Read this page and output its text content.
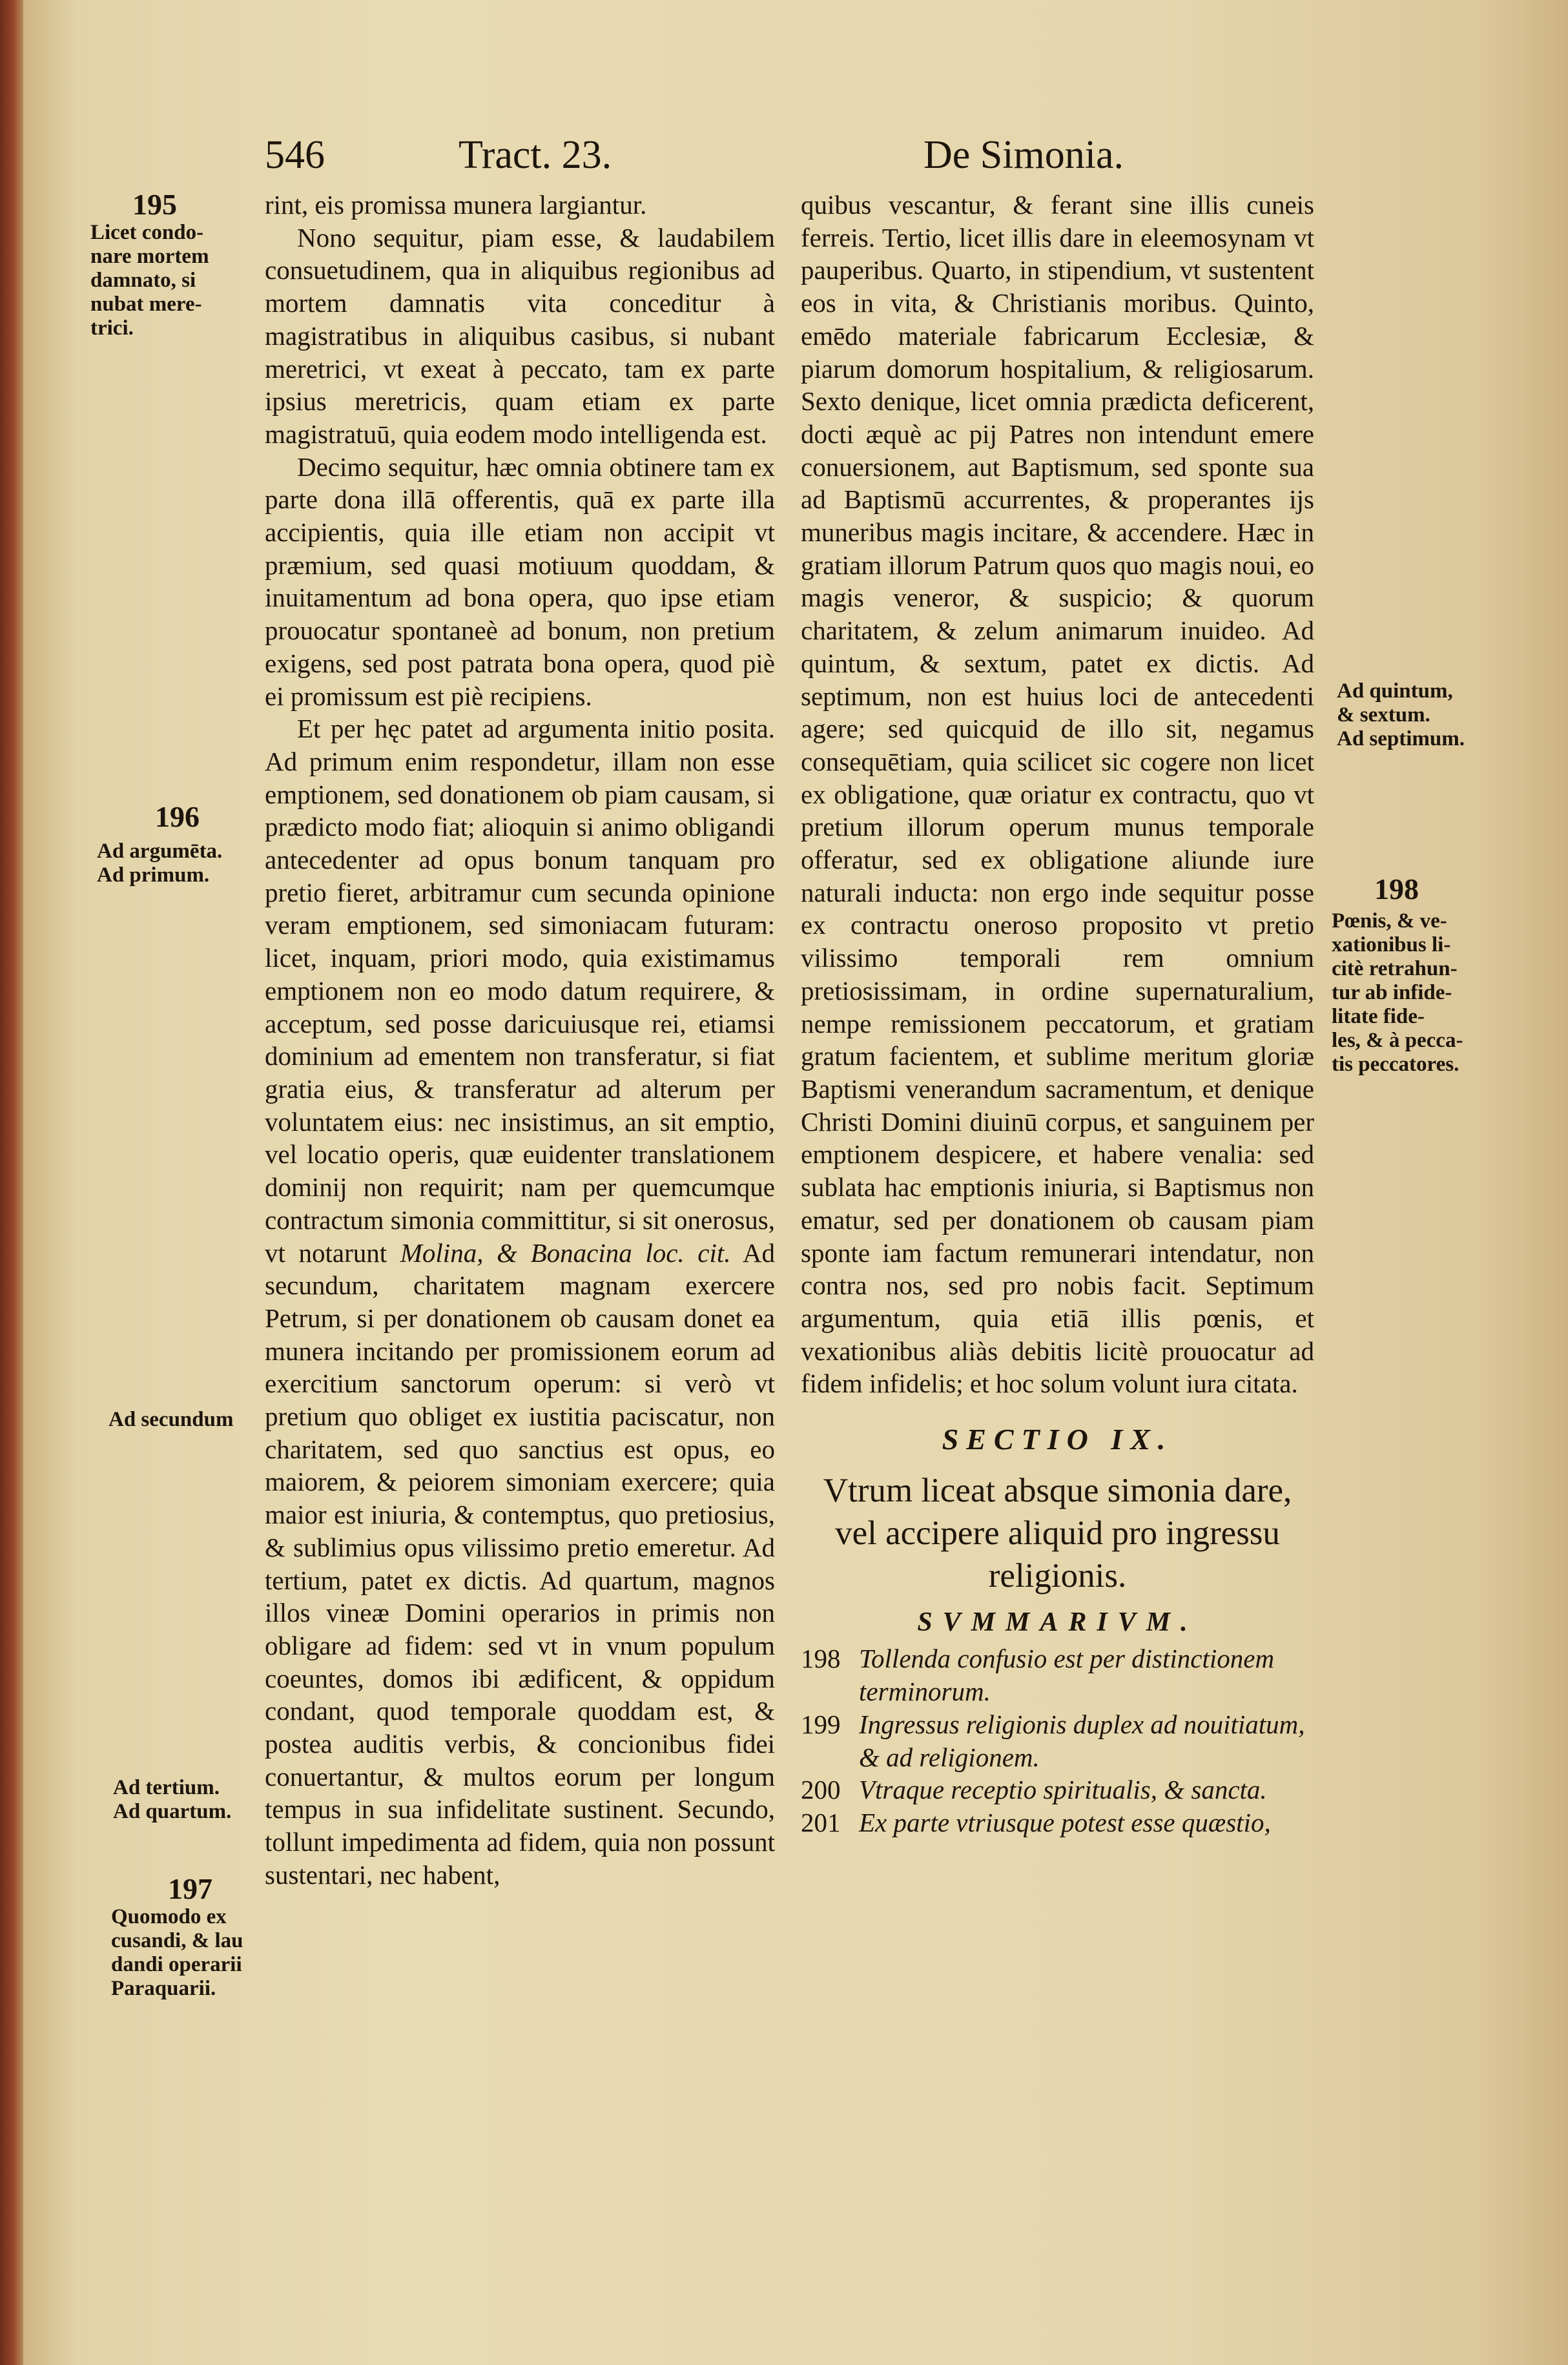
546	Tract. 23.	De Simonia.
195
Licet condo-
nare mortem
damnato, si
nubat mere-
trici.
196
Ad argumēta.
Ad primum.
Ad secundum
Ad tertium.
Ad quartum.
197
Quomodo ex
cusandi, & lau
dandi operarii
Paraquarii.
Ad quintum,
& sextum.
Ad septimum.
198
Pœnis, & ve-
xationibus li-
citè retrahun-
tur ab infide-
litate fide-
les, & à pecca-
tis peccatores.

rint, eis promissa munera largiantur.

Nono sequitur, piam esse, & laudabilem consuetudinem, qua in aliquibus regionibus ad mortem damnatis vita conceditur à magistratibus in aliquibus casibus, si nubant meretrici, vt exeat à peccato, tam ex parte ipsius meretricis, quam etiam ex parte magistratuū, quia eodem modo intelligenda est.

Decimo sequitur, hæc omnia obtinere tam ex parte dona illā offerentis, quā ex parte illa accipientis, quia ille etiam non accipit vt præmium, sed quasi motiuum quoddam, & inuitamentum ad bona opera, quo ipse etiam prouocatur spontaneè ad bonum, non pretium exigens, sed post patrata bona opera, quod piè ei promissum est piè recipiens.

Et per hęc patet ad argumenta initio posita. Ad primum enim respondetur, illam non esse emptionem, sed donationem ob piam causam, si prædicto modo fiat; alioquin si animo obligandi antecedenter ad opus bonum tanquam pro pretio fieret, arbitramur cum secunda opinione veram emptionem, sed simoniacam futuram: licet, inquam, priori modo, quia existimamus emptionem non eo modo datum requirere, & acceptum, sed posse daricuiusque rei, etiamsi dominium ad ementem non transferatur, si fiat gratia eius, & transferatur ad alterum per voluntatem eius: nec insistimus, an sit emptio, vel locatio operis, quæ euidenter translationem dominij non requirit; nam per quemcumque contractum simonia committitur, si sit onerosus, vt notarunt Molina, & Bonacina loc. cit. Ad secundum, charitatem magnam exercere Petrum, si per donationem ob causam donet ea munera incitando per promissionem eorum ad exercitium sanctorum operum: si verò vt pretium quo obliget ex iustitia paciscatur, non charitatem, sed quo sanctius est opus, eo maiorem, & peiorem simoniam exercere; quia maior est iniuria, & contemptus, quo pretiosius, & sublimius opus vilissimo pretio emeretur. Ad tertium, patet ex dictis. Ad quartum, magnos illos vineæ Domini operarios in primis non obligare ad fidem: sed vt in vnum populum coeuntes, domos ibi ædificent, & oppidum condant, quod temporale quoddam est, & postea auditis verbis, & concionibus fidei conuertantur, & multos eorum per longum tempus in sua infidelitate sustinent. Secundo, tollunt impedimenta ad fidem, quia non possunt sustentari, nec habent,

quibus vescantur, & ferant sine illis cuneis ferreis. Tertio, licet illis dare in eleemosynam vt pauperibus. Quarto, in stipendium, vt sustentent eos in vita, & Christianis moribus. Quinto, emēdo materiale fabricarum Ecclesiæ, & piarum domorum hospitalium, & religiosarum. Sexto denique, licet omnia prædicta deficerent, docti æquè ac pij Patres non intendunt emere conuersionem, aut Baptismum, sed sponte sua ad Baptismū accurrentes, & properantes ijs muneribus magis incitare, & accendere. Hæc in gratiam illorum Patrum quos quo magis noui, eo magis veneror, & suspicio; & quorum charitatem, & zelum animarum inuideo. Ad quintum, & sextum, patet ex dictis. Ad septimum, non est huius loci de antecedenti agere; sed quicquid de illo sit, negamus consequētiam, quia scilicet sic cogere non licet ex obligatione, quæ oriatur ex contractu, quo vt pretium illorum operum munus temporale offeratur, sed ex obligatione aliunde iure naturali inducta: non ergo inde sequitur posse ex contractu oneroso proposito vt pretio vilissimo temporali rem omnium pretiosissimam, in ordine supernaturalium, nempe remissionem peccatorum, et gratiam gratum facientem, et sublime meritum gloriæ Baptismi venerandum sacramentum, et denique Christi Domini diuinū corpus, et sanguinem per emptionem despicere, et habere venalia: sed sublata hac emptionis iniuria, si Baptismus non ematur, sed per donationem ob causam piam sponte iam factum remunerari intendatur, non contra nos, sed pro nobis facit. Septimum argumentum, quia etiā illis pœnis, et vexationibus aliàs debitis licitè prouocatur ad fidem infidelis; et hoc solum volunt iura citata.

SECTIO IX.
Vtrum liceat absque simonia dare, vel accipere aliquid pro ingressu religionis.
SVMMARIVM.
198 Tollenda confusio est per distinctionem terminorum.
199 Ingressus religionis duplex ad nouitiatum, & ad religionem.
200 Vtraque receptio spiritualis, & sancta.
201 Ex parte vtriusque potest esse quæstio,
